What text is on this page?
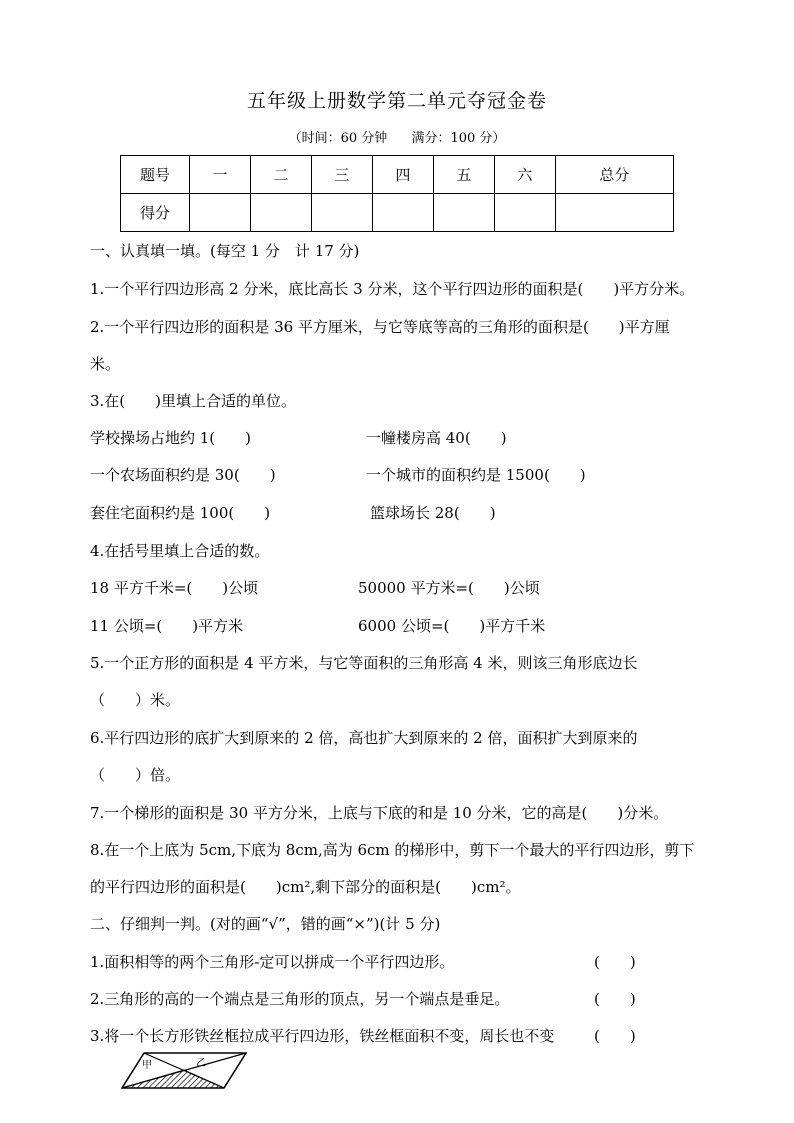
五年级上册数学第二单元夺冠金卷
（时间：60 分钟 满分：100 分）
题号	一	二	三	四	五	六	总分
得分							
一、认真填一填。(每空 1 分　计 17 分)
1.一个平行四边形高 2 分米，底比高长 3 分米，这个平行四边形的面积是(　　)平方分米。
2.一个平行四边形的面积是 36 平方厘米，与它等底等高的三角形的面积是(　　)平方厘
米。
3.在(　　)里填上合适的单位。
学校操场占地约 1(　　)	一幢楼房高 40(　　)
一个农场面积约是 30(　　)	一个城市的面积约是 1500(　　)
套住宅面积约是 100(　　)	篮球场长 28(　　)
4.在括号里填上合适的数。
18 平方千米=(　　)公顷	50000 平方米=(　　)公顷
11 公顷=(　　)平方米	6000 公顷=(　　)平方千米
5.一个正方形的面积是 4 平方米，与它等面积的三角形高 4 米，则该三角形底边长
（　　）米。
6.平行四边形的底扩大到原来的 2 倍，高也扩大到原来的 2 倍，面积扩大到原来的
（　　）倍。
7.一个梯形的面积是 30 平方分米，上底与下底的和是 10 分米，它的高是(　　)分米。
8.在一个上底为 5cm,下底为 8cm,高为 6cm 的梯形中，剪下一个最大的平行四边形，剪下
的平行四边形的面积是(　　)cm²,剩下部分的面积是(　　)cm²。
二、仔细判一判。(对的画“√”，错的画“×”)(计 5 分)
1.面积相等的两个三角形-定可以拼成一个平行四边形。	(　　)
2.三角形的高的一个端点是三角形的顶点，另一个端点是垂足。	(　　)
3.将一个长方形铁丝框拉成平行四边形，铁丝框面积不变，周长也不变	(　　)
甲	乙
